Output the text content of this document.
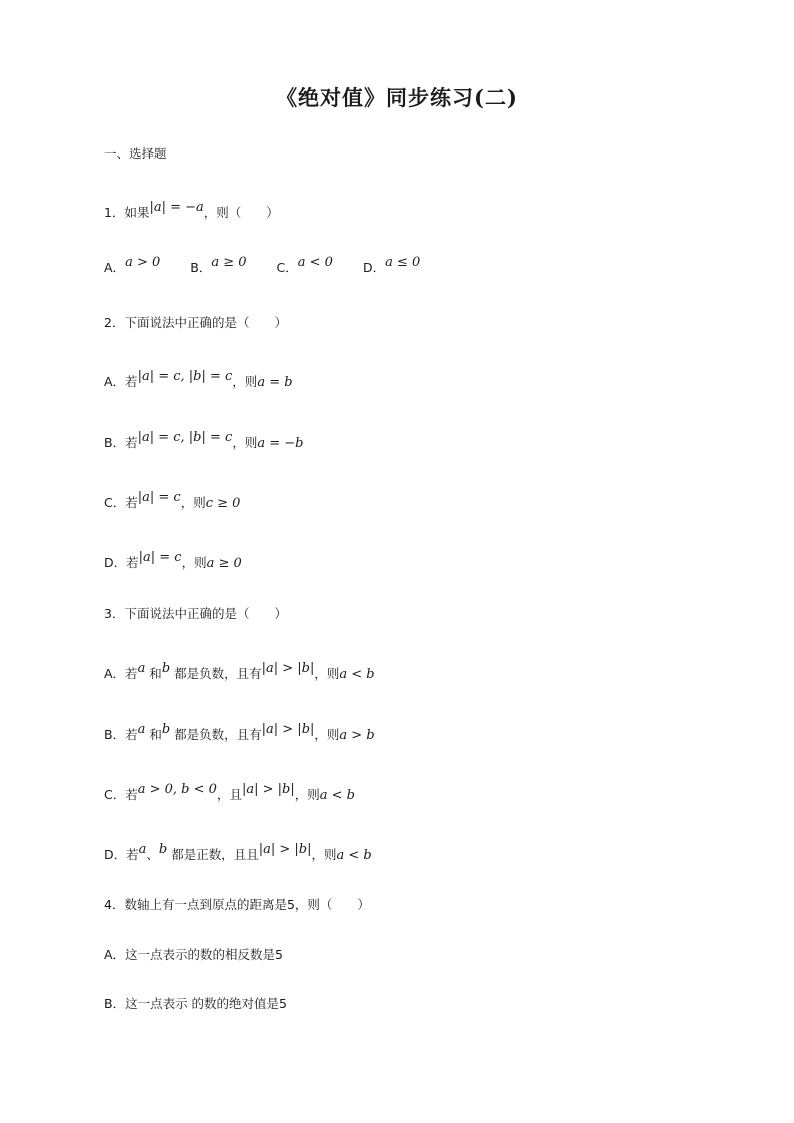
《绝对值》同步练习(二)
一、选择题
1．如果|a| = −a，则（　　）
A．a > 0 B．a ≥ 0 C．a < 0 D．a ≤ 0
2．下面说法中正确的是（　　）
A．若|a| = c, |b| = c，则a = b
B．若|a| = c, |b| = c，则a = −b
C．若|a| = c，则c ≥ 0
D．若|a| = c，则a ≥ 0
3．下面说法中正确的是（　　）
A．若a 和b 都是负数，且有|a| > |b|，则a < b
B．若a 和b 都是负数，且有|a| > |b|，则a > b
C．若a > 0, b < 0，且|a| > |b|，则a < b
D．若a、b 都是正数，且且|a| > |b|，则a < b
4．数轴上有一点到原点的距离是5，则（　　）
A．这一点表示的数的相反数是5
B．这一点表示 的数的绝对值是5
